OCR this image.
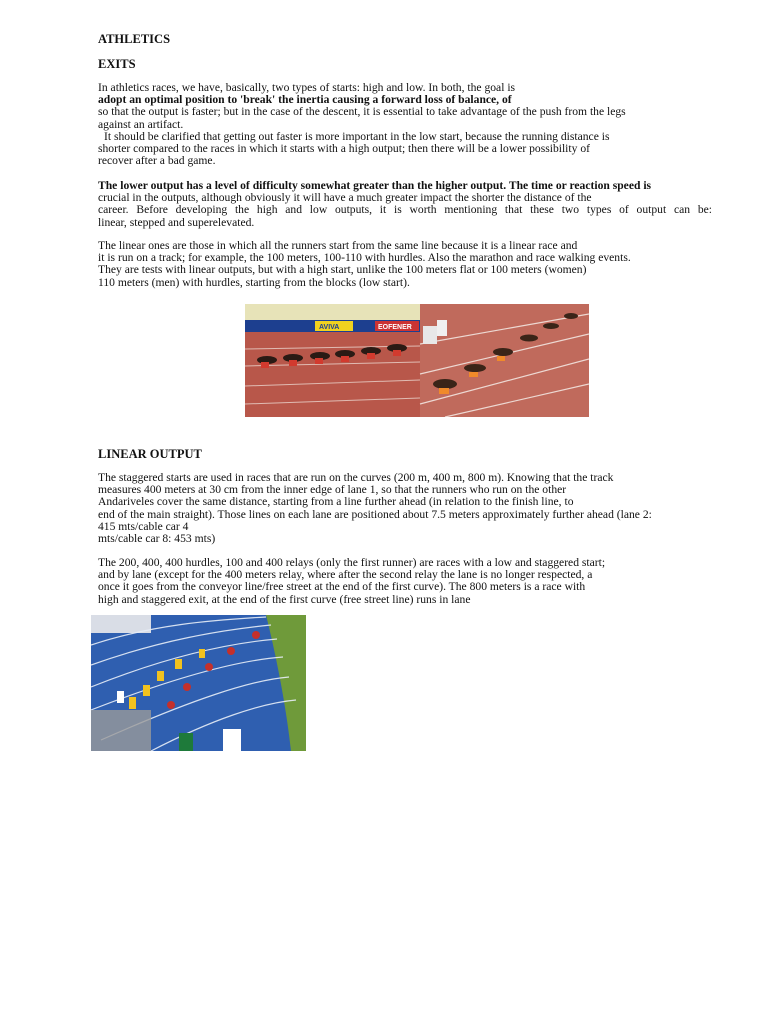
ATHLETICS
EXITS
In athletics races, we have, basically, two types of starts: high and low. In both, the goal is
adopt an optimal position to 'break' the inertia causing a forward loss of balance, of
so that the output is faster; but in the case of the descent, it is essential to take advantage of the push from the legs
against an artifact.
It should be clarified that getting out faster is more important in the low start, because the running distance is
shorter compared to the races in which it starts with a high output; then there will be a lower possibility of
recover after a bad game.
The lower output has a level of difficulty somewhat greater than the higher output. The time or reaction speed is
crucial in the outputs, although obviously it will have a much greater impact the shorter the distance of the
career. Before developing the high and low outputs, it is worth mentioning that these two types of output can be:
linear, stepped and superelevated.
The linear ones are those in which all the runners start from the same line because it is a linear race and
it is run on a track; for example, the 100 meters, 100-110 with hurdles. Also the marathon and race walking events.
They are tests with linear outputs, but with a high start, unlike the 100 meters flat or 100 meters (women)
110 meters (men) with hurdles, starting from the blocks (low start).
AVIVA	EOFENER
LINEAR OUTPUT
The staggered starts are used in races that are run on the curves (200 m, 400 m, 800 m). Knowing that the track
measures 400 meters at 30 cm from the inner edge of lane 1, so that the runners who run on the other
Andariveles cover the same distance, starting from a line further ahead (in relation to the finish line, to
end of the main straight). Those lines on each lane are positioned about 7.5 meters approximately further ahead (lane 2:
415 mts/cable car 4
mts/cable car 8: 453 mts)
The 200, 400, 400 hurdles, 100 and 400 relays (only the first runner) are races with a low and staggered start;
and by lane (except for the 400 meters relay, where after the second relay the lane is no longer respected, a
once it goes from the conveyor line/free street at the end of the first curve). The 800 meters is a race with
high and staggered exit, at the end of the first curve (free street line) runs in lane
